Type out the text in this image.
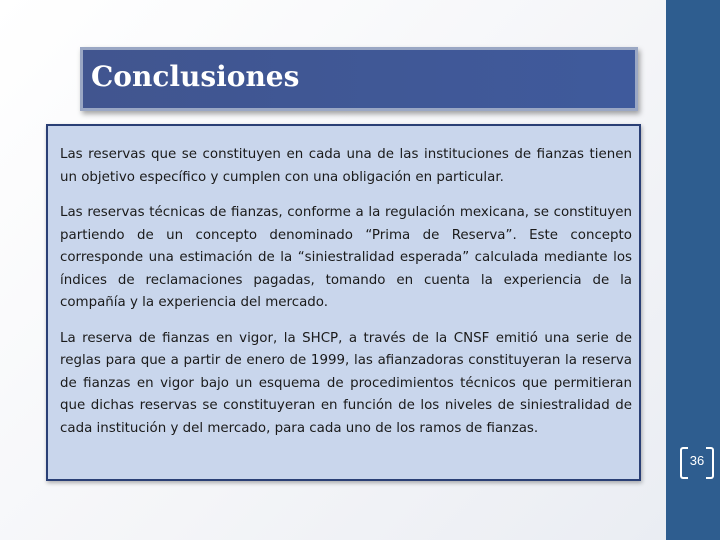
Conclusiones

Las reservas que se constituyen en cada una de las instituciones de fianzas tienen un objetivo específico y cumplen con una obligación en particular.

Las reservas técnicas de fianzas, conforme a la regulación mexicana, se constituyen partiendo de un concepto denominado “Prima de Reserva”. Este concepto corresponde una estimación de la “siniestralidad esperada” calculada mediante los índices de reclamaciones pagadas, tomando en cuenta la experiencia de la compañía y la experiencia del mercado.

La reserva de fianzas en vigor, la SHCP, a través de la CNSF emitió una serie de reglas para que a partir de enero de 1999, las afianzadoras constituyeran la reserva de fianzas en vigor bajo un esquema de procedimientos técnicos que permitieran que dichas reservas se constituyeran en función de los niveles de siniestralidad de cada institución y del mercado, para cada uno de los ramos de fianzas.

36
